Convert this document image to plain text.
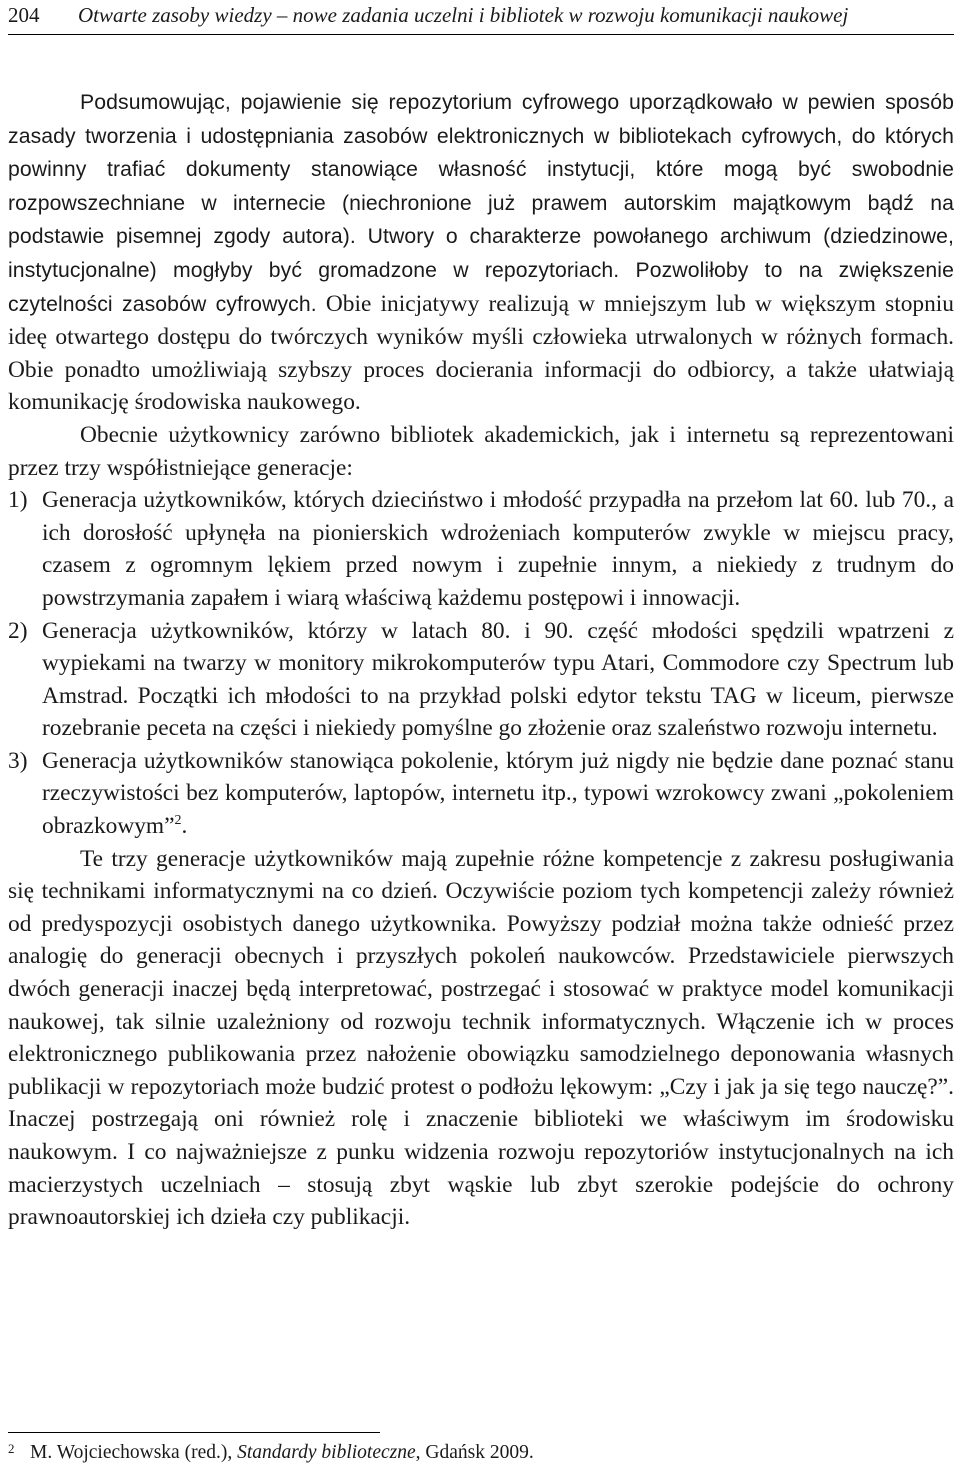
204 Otwarte zasoby wiedzy – nowe zadania uczelni i bibliotek w rozwoju komunikacji naukowej

Podsumowując, pojawienie się repozytorium cyfrowego uporządkowało w pewien sposób zasady tworzenia i udostępniania zasobów elektronicznych w bibliotekach cyfrowych, do których powinny trafiać dokumenty stanowiące własność instytucji, które mogą być swobodnie rozpowszechniane w internecie (niechronione już prawem autorskim majątkowym bądź na podstawie pisemnej zgody autora). Utwory o charakterze powołanego archiwum (dziedzinowe, instytucjonalne) mogłyby być gromadzone w repozytoriach. Pozwoliłoby to na zwiększenie czytelności zasobów cyfrowych. Obie inicjatywy realizują w mniejszym lub w większym stopniu ideę otwartego dostępu do twórczych wyników myśli człowieka utrwalonych w różnych formach. Obie ponadto umożliwiają szybszy proces docierania informacji do odbiorcy, a także ułatwiają komunikację środowiska naukowego.

Obecnie użytkownicy zarówno bibliotek akademickich, jak i internetu są reprezentowani przez trzy współistniejące generacje:

1) Generacja użytkowników, których dzieciństwo i młodość przypadła na przełom lat 60. lub 70., a ich dorosłość upłynęła na pionierskich wdrożeniach komputerów zwykle w miejscu pracy, czasem z ogromnym lękiem przed nowym i zupełnie innym, a niekiedy z trudnym do powstrzymania zapałem i wiarą właściwą każdemu postępowi i innowacji.
2) Generacja użytkowników, którzy w latach 80. i 90. część młodości spędzili wpatrzeni z wypiekami na twarzy w monitory mikrokomputerów typu Atari, Commodore czy Spectrum lub Amstrad. Początki ich młodości to na przykład polski edytor tekstu TAG w liceum, pierwsze rozebranie peceta na części i niekiedy pomyślne go złożenie oraz szaleństwo rozwoju internetu.
3) Generacja użytkowników stanowiąca pokolenie, którym już nigdy nie będzie dane poznać stanu rzeczywistości bez komputerów, laptopów, internetu itp., typowi wzrokowcy zwani „pokoleniem obrazkowym”$^2$.

Te trzy generacje użytkowników mają zupełnie różne kompetencje z zakresu posługiwania się technikami informatycznymi na co dzień. Oczywiście poziom tych kompetencji zależy również od predyspozycji osobistych danego użytkownika. Powyższy podział można także odnieść przez analogię do generacji obecnych i przyszłych pokoleń naukowców. Przedstawiciele pierwszych dwóch generacji inaczej będą interpretować, postrzegać i stosować w praktyce model komunikacji naukowej, tak silnie uzależniony od rozwoju technik informatycznych. Włączenie ich w proces elektronicznego publikowania przez nałożenie obowiązku samodzielnego deponowania własnych publikacji w repozytoriach może budzić protest o podłożu lękowym: „Czy i jak ja się tego nauczę?”. Inaczej postrzegają oni również rolę i znaczenie biblioteki we właściwym im środowisku naukowym. I co najważniejsze z punku widzenia rozwoju repozytoriów instytucjonalnych na ich macierzystych uczelniach – stosują zbyt wąskie lub zbyt szerokie podejście do ochrony prawnoautorskiej ich dzieła czy publikacji.

2 M. Wojciechowska (red.), Standardy biblioteczne, Gdańsk 2009.
